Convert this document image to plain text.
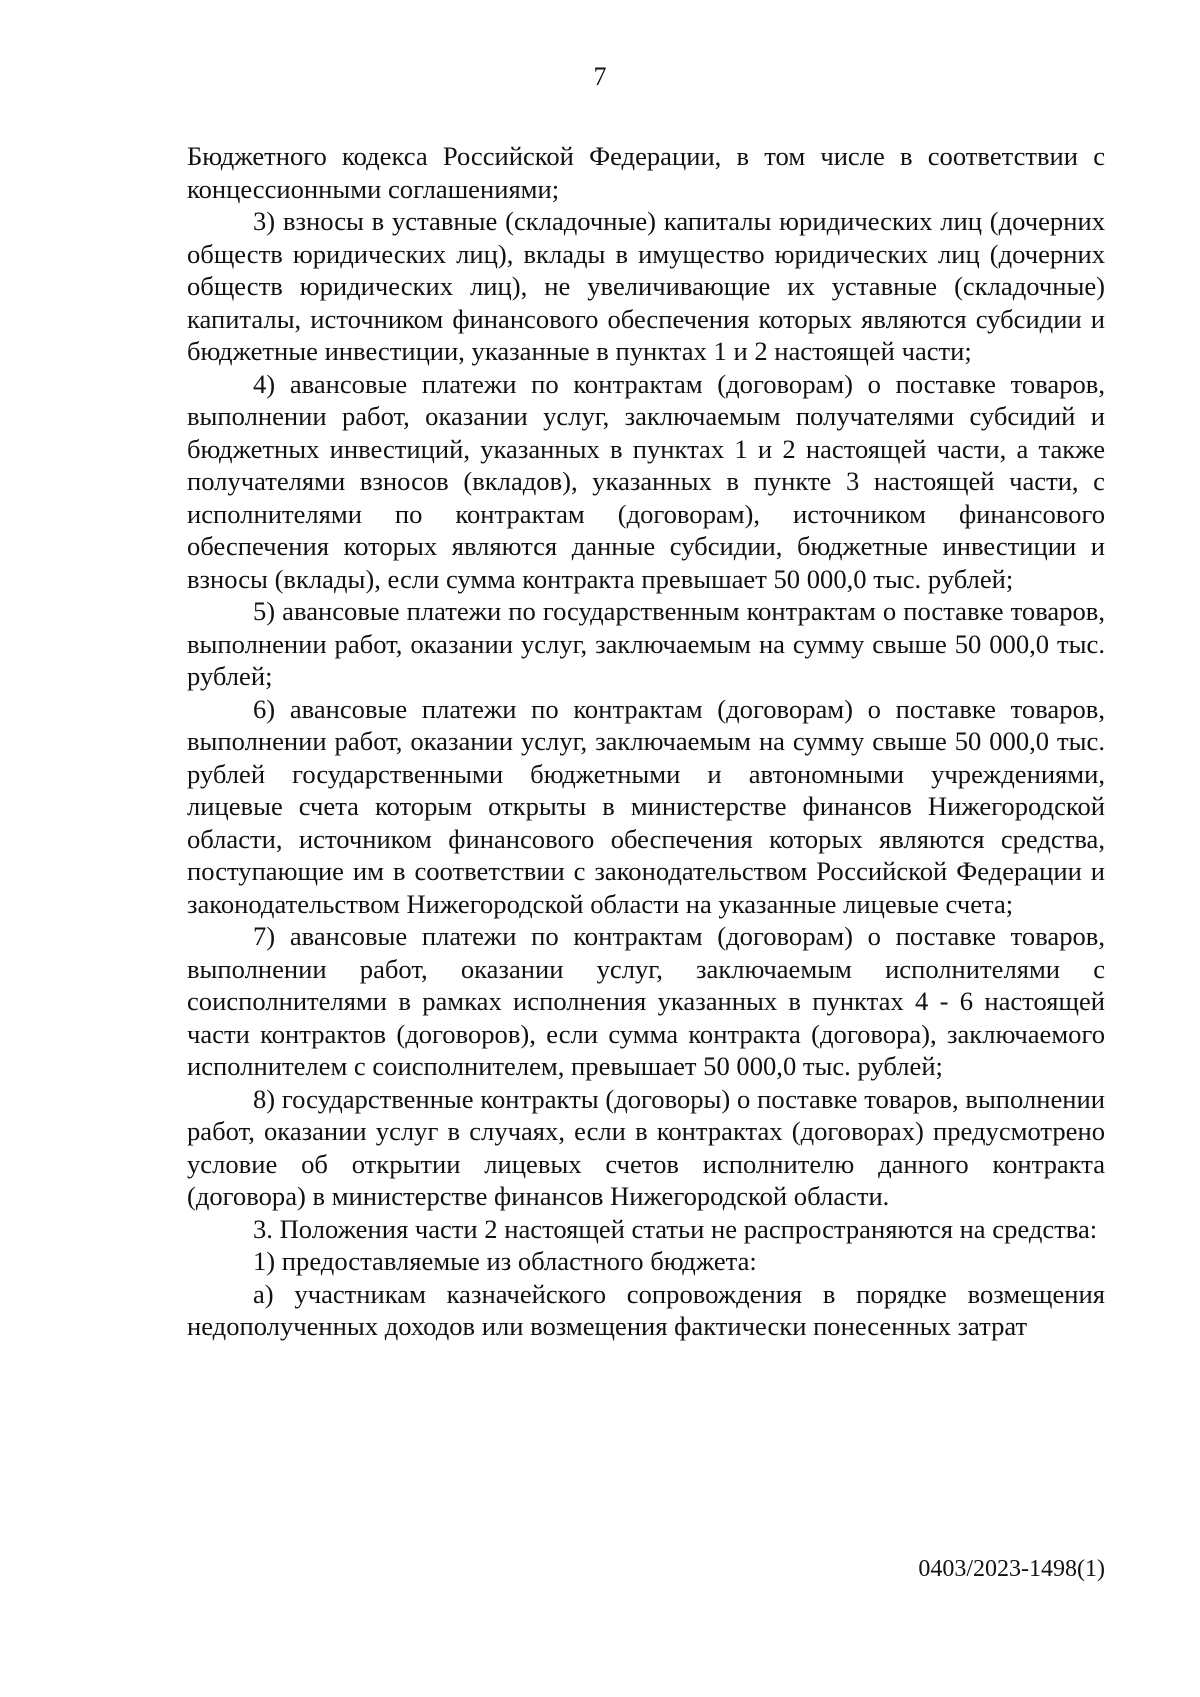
7

Бюджетного кодекса Российской Федерации, в том числе в соответствии с концессионными соглашениями;

3) взносы в уставные (складочные) капиталы юридических лиц (дочерних обществ юридических лиц), вклады в имущество юридических лиц (дочерних обществ юридических лиц), не увеличивающие их уставные (складочные) капиталы, источником финансового обеспечения которых являются субсидии и бюджетные инвестиции, указанные в пунктах 1 и 2 настоящей части;

4) авансовые платежи по контрактам (договорам) о поставке товаров, выполнении работ, оказании услуг, заключаемым получателями субсидий и бюджетных инвестиций, указанных в пунктах 1 и 2 настоящей части, а также получателями взносов (вкладов), указанных в пункте 3 настоящей части, с исполнителями по контрактам (договорам), источником финансового обеспечения которых являются данные субсидии, бюджетные инвестиции и взносы (вклады), если сумма контракта превышает 50 000,0 тыс. рублей;

5) авансовые платежи по государственным контрактам о поставке товаров, выполнении работ, оказании услуг, заключаемым на сумму свыше 50 000,0 тыс. рублей;

6) авансовые платежи по контрактам (договорам) о поставке товаров, выполнении работ, оказании услуг, заключаемым на сумму свыше 50 000,0 тыс. рублей государственными бюджетными и автономными учреждениями, лицевые счета которым открыты в министерстве финансов Нижегородской области, источником финансового обеспечения которых являются средства, поступающие им в соответствии с законодательством Российской Федерации и законодательством Нижегородской области на указанные лицевые счета;

7) авансовые платежи по контрактам (договорам) о поставке товаров, выполнении работ, оказании услуг, заключаемым исполнителями с соисполнителями в рамках исполнения указанных в пунктах 4 - 6 настоящей части контрактов (договоров), если сумма контракта (договора), заключаемого исполнителем с соисполнителем, превышает 50 000,0 тыс. рублей;

8) государственные контракты (договоры) о поставке товаров, выполнении работ, оказании услуг в случаях, если в контрактах (договорах) предусмотрено условие об открытии лицевых счетов исполнителю данного контракта (договора) в министерстве финансов Нижегородской области.

3. Положения части 2 настоящей статьи не распространяются на средства:

1) предоставляемые из областного бюджета:

а) участникам казначейского сопровождения в порядке возмещения недополученных доходов или возмещения фактически понесенных затрат

0403/2023-1498(1)
